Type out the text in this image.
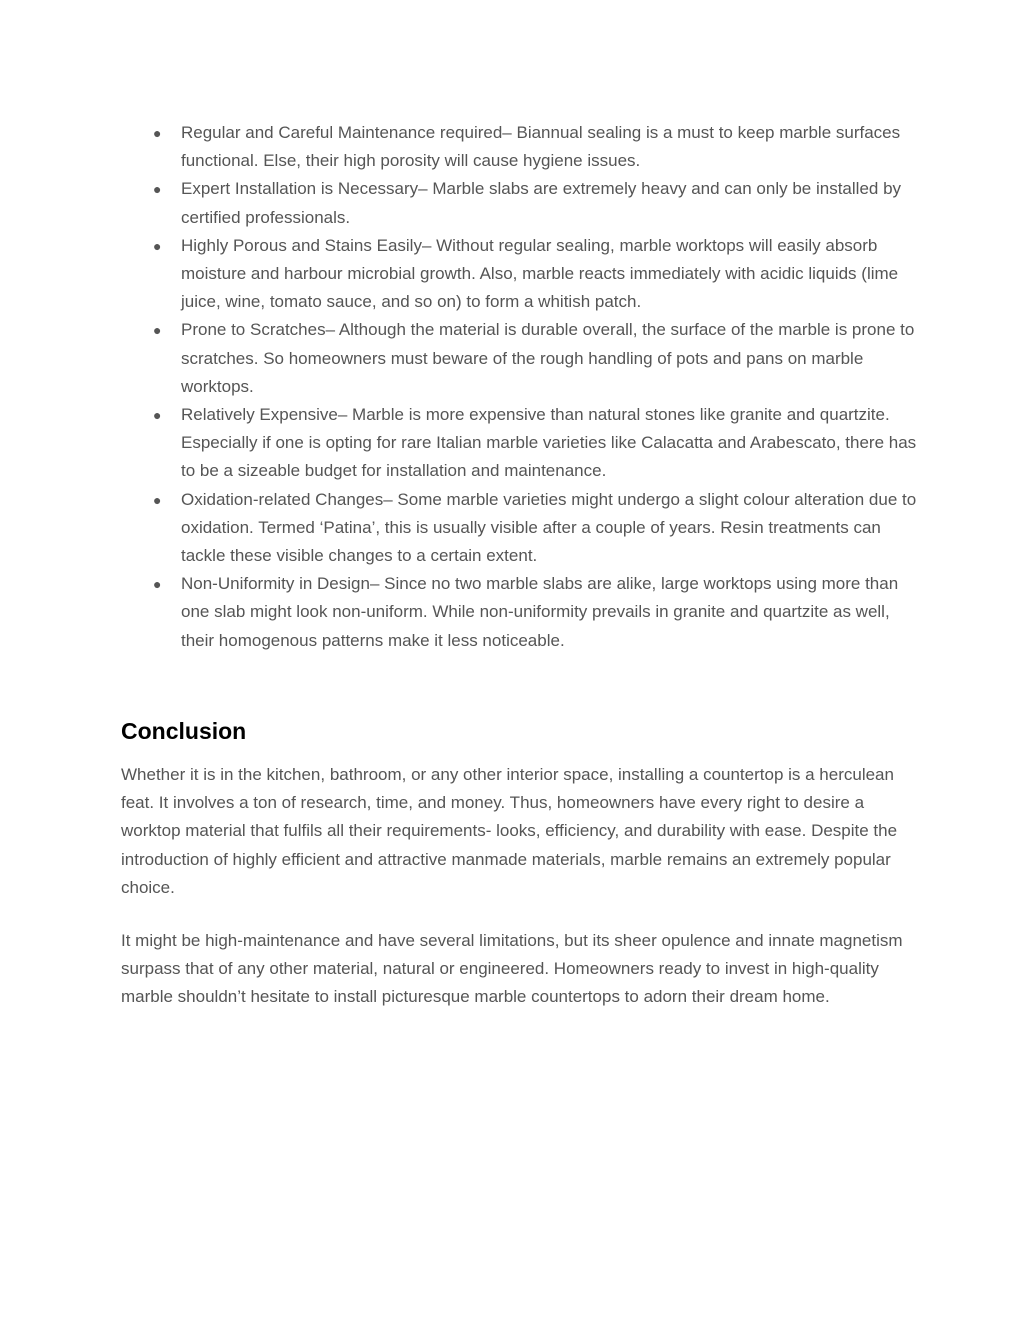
● Regular and Careful Maintenance required– Biannual sealing is a must to keep marble surfaces functional. Else, their high porosity will cause hygiene issues.
● Expert Installation is Necessary– Marble slabs are extremely heavy and can only be installed by certified professionals.
● Highly Porous and Stains Easily– Without regular sealing, marble worktops will easily absorb moisture and harbour microbial growth. Also, marble reacts immediately with acidic liquids (lime juice, wine, tomato sauce, and so on) to form a whitish patch.
● Prone to Scratches– Although the material is durable overall, the surface of the marble is prone to scratches. So homeowners must beware of the rough handling of pots and pans on marble worktops.
● Relatively Expensive– Marble is more expensive than natural stones like granite and quartzite. Especially if one is opting for rare Italian marble varieties like Calacatta and Arabescato, there has to be a sizeable budget for installation and maintenance.
● Oxidation-related Changes– Some marble varieties might undergo a slight colour alteration due to oxidation. Termed ‘Patina’, this is usually visible after a couple of years. Resin treatments can tackle these visible changes to a certain extent.
● Non-Uniformity in Design– Since no two marble slabs are alike, large worktops using more than one slab might look non-uniform. While non-uniformity prevails in granite and quartzite as well, their homogenous patterns make it less noticeable.
Conclusion

Whether it is in the kitchen, bathroom, or any other interior space, installing a countertop is a herculean feat. It involves a ton of research, time, and money. Thus, homeowners have every right to desire a worktop material that fulfils all their requirements- looks, efficiency, and durability with ease. Despite the introduction of highly efficient and attractive manmade materials, marble remains an extremely popular choice.

It might be high-maintenance and have several limitations, but its sheer opulence and innate magnetism surpass that of any other material, natural or engineered. Homeowners ready to invest in high-quality marble shouldn’t hesitate to install picturesque marble countertops to adorn their dream home.
